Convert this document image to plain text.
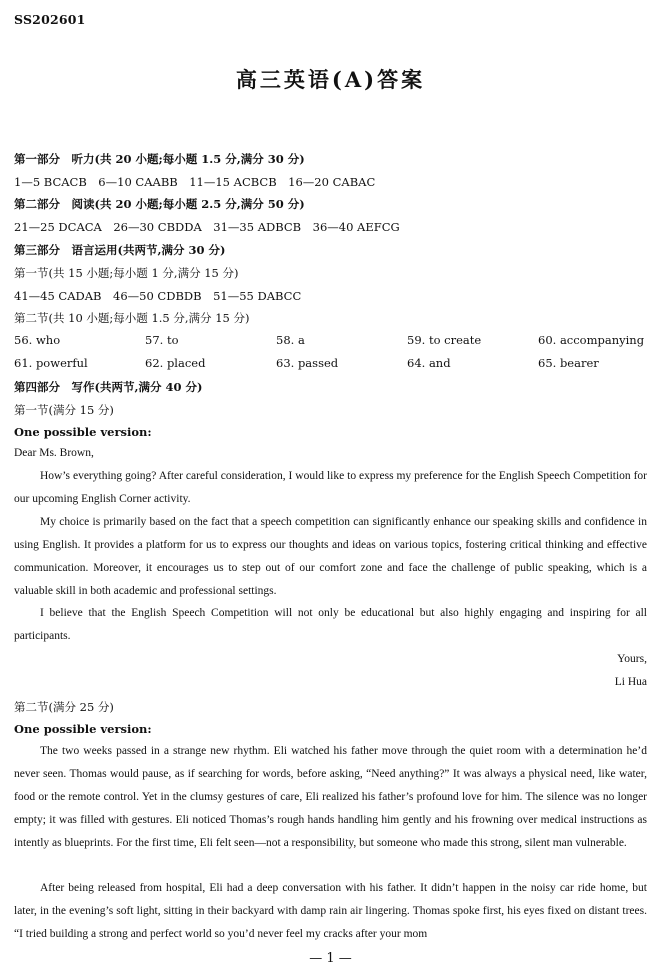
SS202601
高三英语(A)答案
第一部分　听力(共 20 小题;每小题 1.5 分,满分 30 分)
1—5 BCACB　6—10 CAABB　11—15 ACBCB　16—20 CABAC
第二部分　阅读(共 20 小题;每小题 2.5 分,满分 50 分)
21—25 DCACA　26—30 CBDDA　31—35 ADBCB　36—40 AEFCG
第三部分　语言运用(共两节,满分 30 分)
第一节(共 15 小题;每小题 1 分,满分 15 分)
41—45 CADAB　46—50 CDBDB　51—55 DABCC
第二节(共 10 小题;每小题 1.5 分,满分 15 分)
56. who	57. to	58. a	59. to create	60. accompanying
61. powerful	62. placed	63. passed	64. and	65. bearer
第四部分　写作(共两节,满分 40 分)
第一节(满分 15 分)
One possible version:
Dear Ms. Brown,
How’s everything going? After careful consideration, I would like to express my preference for the English Speech Competition for our upcoming English Corner activity.
My choice is primarily based on the fact that a speech competition can significantly enhance our speaking skills and confidence in using English. It provides a platform for us to express our thoughts and ideas on various topics, fostering critical thinking and effective communication. Moreover, it encourages us to step out of our comfort zone and face the challenge of public speaking, which is a valuable skill in both academic and professional settings.
I believe that the English Speech Competition will not only be educational but also highly engaging and inspiring for all participants.
Yours,
Li Hua
第二节(满分 25 分)
One possible version:
The two weeks passed in a strange new rhythm. Eli watched his father move through the quiet room with a determination he’d never seen. Thomas would pause, as if searching for words, before asking, “Need anything?” It was always a physical need, like water, food or the remote control. Yet in the clumsy gestures of care, Eli realized his father’s profound love for him. The silence was no longer empty; it was filled with gestures. Eli noticed Thomas’s rough hands handling him gently and his frowning over medical instructions as intently as blueprints. For the first time, Eli felt seen—not a responsibility, but someone who made this strong, silent man vulnerable.
After being released from hospital, Eli had a deep conversation with his father. It didn’t happen in the noisy car ride home, but later, in the evening’s soft light, sitting in their backyard with damp rain air lingering. Thomas spoke first, his eyes fixed on distant trees. “I tried building a strong and perfect world so you’d never feel my cracks after your mom
— 1 —
